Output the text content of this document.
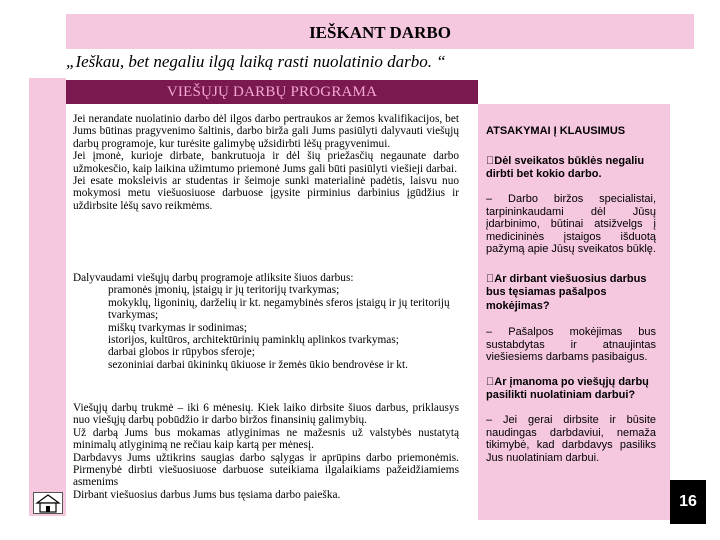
IEŠKANT DARBO
„Ieškau, bet negaliu ilgą laiką rasti nuolatinio darbo. “
VIEŠŲJŲ DARBŲ PROGRAMA

Jei nerandate nuolatinio darbo dėl ilgos darbo pertraukos ar žemos kvalifikacijos, bet Jums būtinas pragyvenimo šaltinis, darbo birža gali Jums pasiūlyti dalyvauti viešųjų darbų programoje, kur turėsite galimybę užsidirbti lėšų pragyvenimui.

Jei įmonė, kurioje dirbate, bankrutuoja ir dėl šių priežasčių negaunate darbo užmokesčio, kaip laikina užimtumo priemonė Jums gali būti pasiūlyti viešieji darbai.

Jei esate moksleivis ar studentas ir šeimoje sunki materialinė padėtis, laisvu nuo mokymosi metu viešuosiuose darbuose įgysite pirminius darbinius įgūdžius ir uždirbsite lėšų savo reikmėms.

Dalyvaudami viešųjų darbų programoje atliksite šiuos darbus:

pramonės įmonių, įstaigų ir jų teritorijų tvarkymas;
mokyklų, ligoninių, darželių ir kt. negamybinės sferos įstaigų ir jų teritorijų tvarkymas;
miškų tvarkymas ir sodinimas;
istorijos, kultūros, architektūrinių paminklų aplinkos tvarkymas;
darbai globos ir rūpybos sferoje;
sezoniniai darbai ūkininkų ūkiuose ir žemės ūkio bendrovėse ir kt.

Viešųjų darbų trukmė – iki 6 mėnesių. Kiek laiko dirbsite šiuos darbus, priklausys nuo viešųjų darbų pobūdžio ir darbo biržos finansinių galimybių.

Už darbą Jums bus mokamas atlyginimas ne mažesnis už valstybės nustatytą minimalų atlyginimą ne rečiau kaip kartą per mėnesį.

Darbdavys Jums užtikrins saugias darbo sąlygas ir aprūpins darbo priemonėmis. Pirmenybė dirbti viešuosiuose darbuose suteikiama ilgalaikiams pažeidžiamiems asmenims

Dirbant viešuosius darbus Jums bus tęsiama darbo paieška.

ATSAKYMAI Į KLAUSIMUS
 Dėl sveikatos būklės negaliu dirbti bet kokio darbo.
– Darbo biržos specialistai, tarpininkaudami dėl Jūsų įdarbinimo, būtinai atsižvelgs į medicininės įstaigos išduotą pažymą apie Jūsų sveikatos būklę.
 Ar dirbant viešuosius darbus bus tęsiamas pašalpos mokėjimas?
– Pašalpos mokėjimas bus sustabdytas ir atnaujintas viešiesiems darbams pasibaigus.
 Ar įmanoma po viešųjų darbų pasilikti nuolatiniam darbui?
– Jei gerai dirbsite ir būsite naudingas darbdaviui, nemaža tikimybė, kad darbdavys pasiliks Jus nuolatiniam darbui.
16
